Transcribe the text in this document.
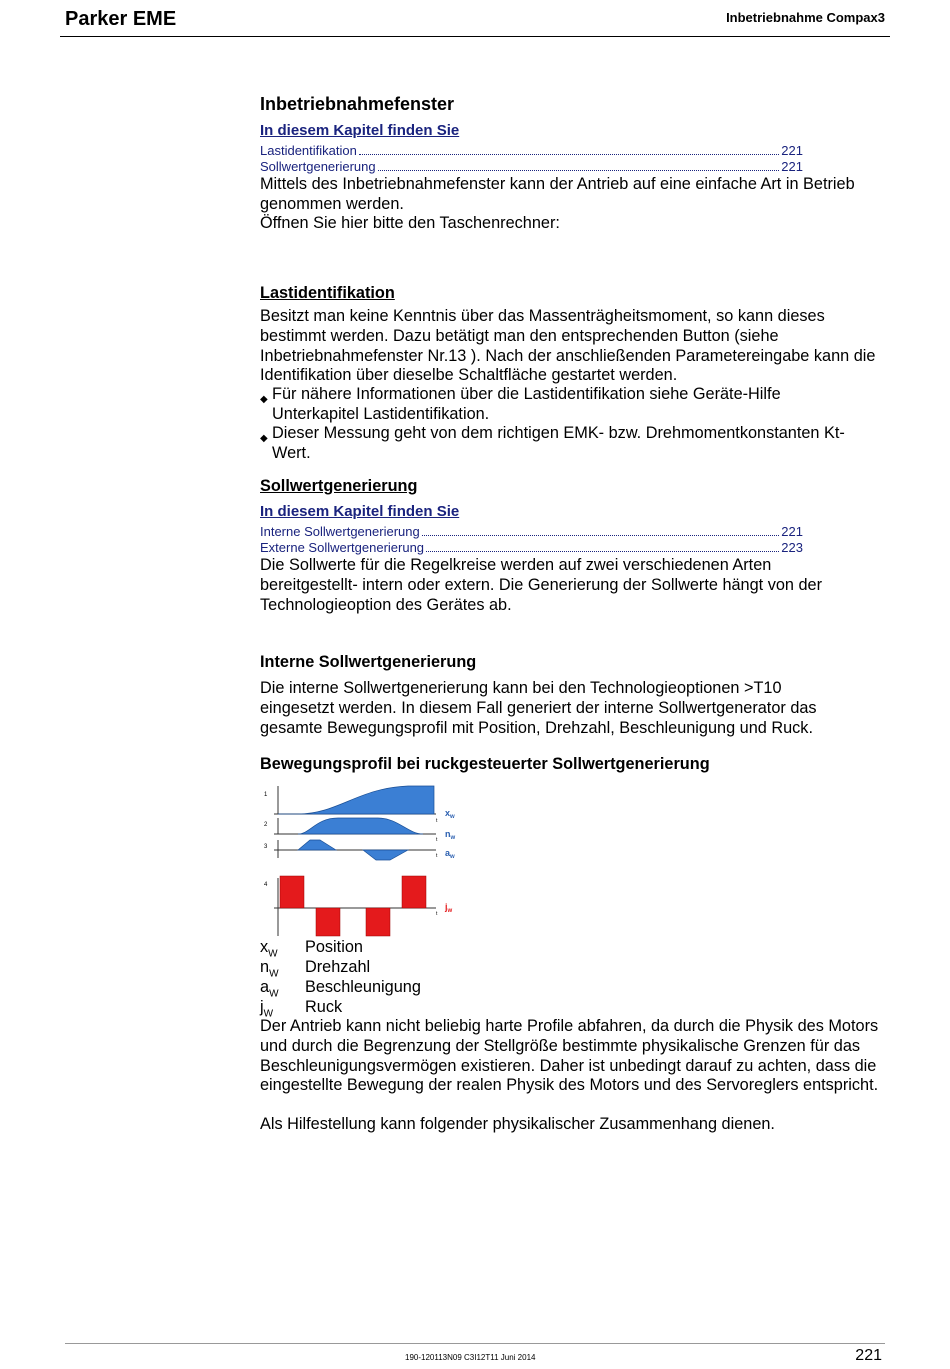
Parker EME	Inbetriebnahme Compax3
Inbetriebnahmefenster
In diesem Kapitel finden Sie
Lastidentifikation	221
Sollwertgenerierung	221
Mittels des Inbetriebnahmefenster kann der Antrieb auf eine einfache Art in Betrieb genommen werden.
Öffnen Sie hier bitte den Taschenrechner:
Lastidentifikation
Besitzt man keine Kenntnis über das Massenträgheitsmoment, so kann dieses bestimmt werden. Dazu betätigt man den entsprechenden Button (siehe Inbetriebnahmefenster Nr.13 ). Nach der anschließenden Parametereingabe kann die Identifikation über dieselbe Schaltfläche gestartet werden.
◆ Für nähere Informationen über die Lastidentifikation siehe Geräte-Hilfe Unterkapitel Lastidentifikation.
◆ Dieser Messung geht von dem richtigen EMK- bzw. Drehmomentkonstanten Kt-Wert.
Sollwertgenerierung
In diesem Kapitel finden Sie
Interne Sollwertgenerierung	221
Externe Sollwertgenerierung	223
Die Sollwerte für die Regelkreise werden auf zwei verschiedenen Arten bereitgestellt- intern oder extern. Die Generierung der Sollwerte hängt von der Technologieoption des Gerätes ab.
Interne Sollwertgenerierung
Die interne Sollwertgenerierung kann bei den Technologieoptionen >T10 eingesetzt werden. In diesem Fall generiert der interne Sollwertgenerator das gesamte Bewegungsprofil mit Position, Drehzahl, Beschleunigung und Ruck.
Bewegungsprofil bei ruckgesteuerter Sollwertgenerierung
1
2
3
4
t
t
t
t
$x_w$
$n_w$
$a_w$
$j_w$
$x_W$ Position
$n_W$ Drehzahl
$a_W$ Beschleunigung
$j_W$ Ruck
Der Antrieb kann nicht beliebig harte Profile abfahren, da durch die Physik des Motors und durch die Begrenzung der Stellgröße bestimmte physikalische Grenzen für das Beschleunigungsvermögen existieren. Daher ist unbedingt darauf zu achten, dass die eingestellte Bewegung der realen Physik des Motors und des Servoreglers entspricht.
Als Hilfestellung kann folgender physikalischer Zusammenhang dienen.
190-120113N09 C3I12T11 Juni 2014	221
